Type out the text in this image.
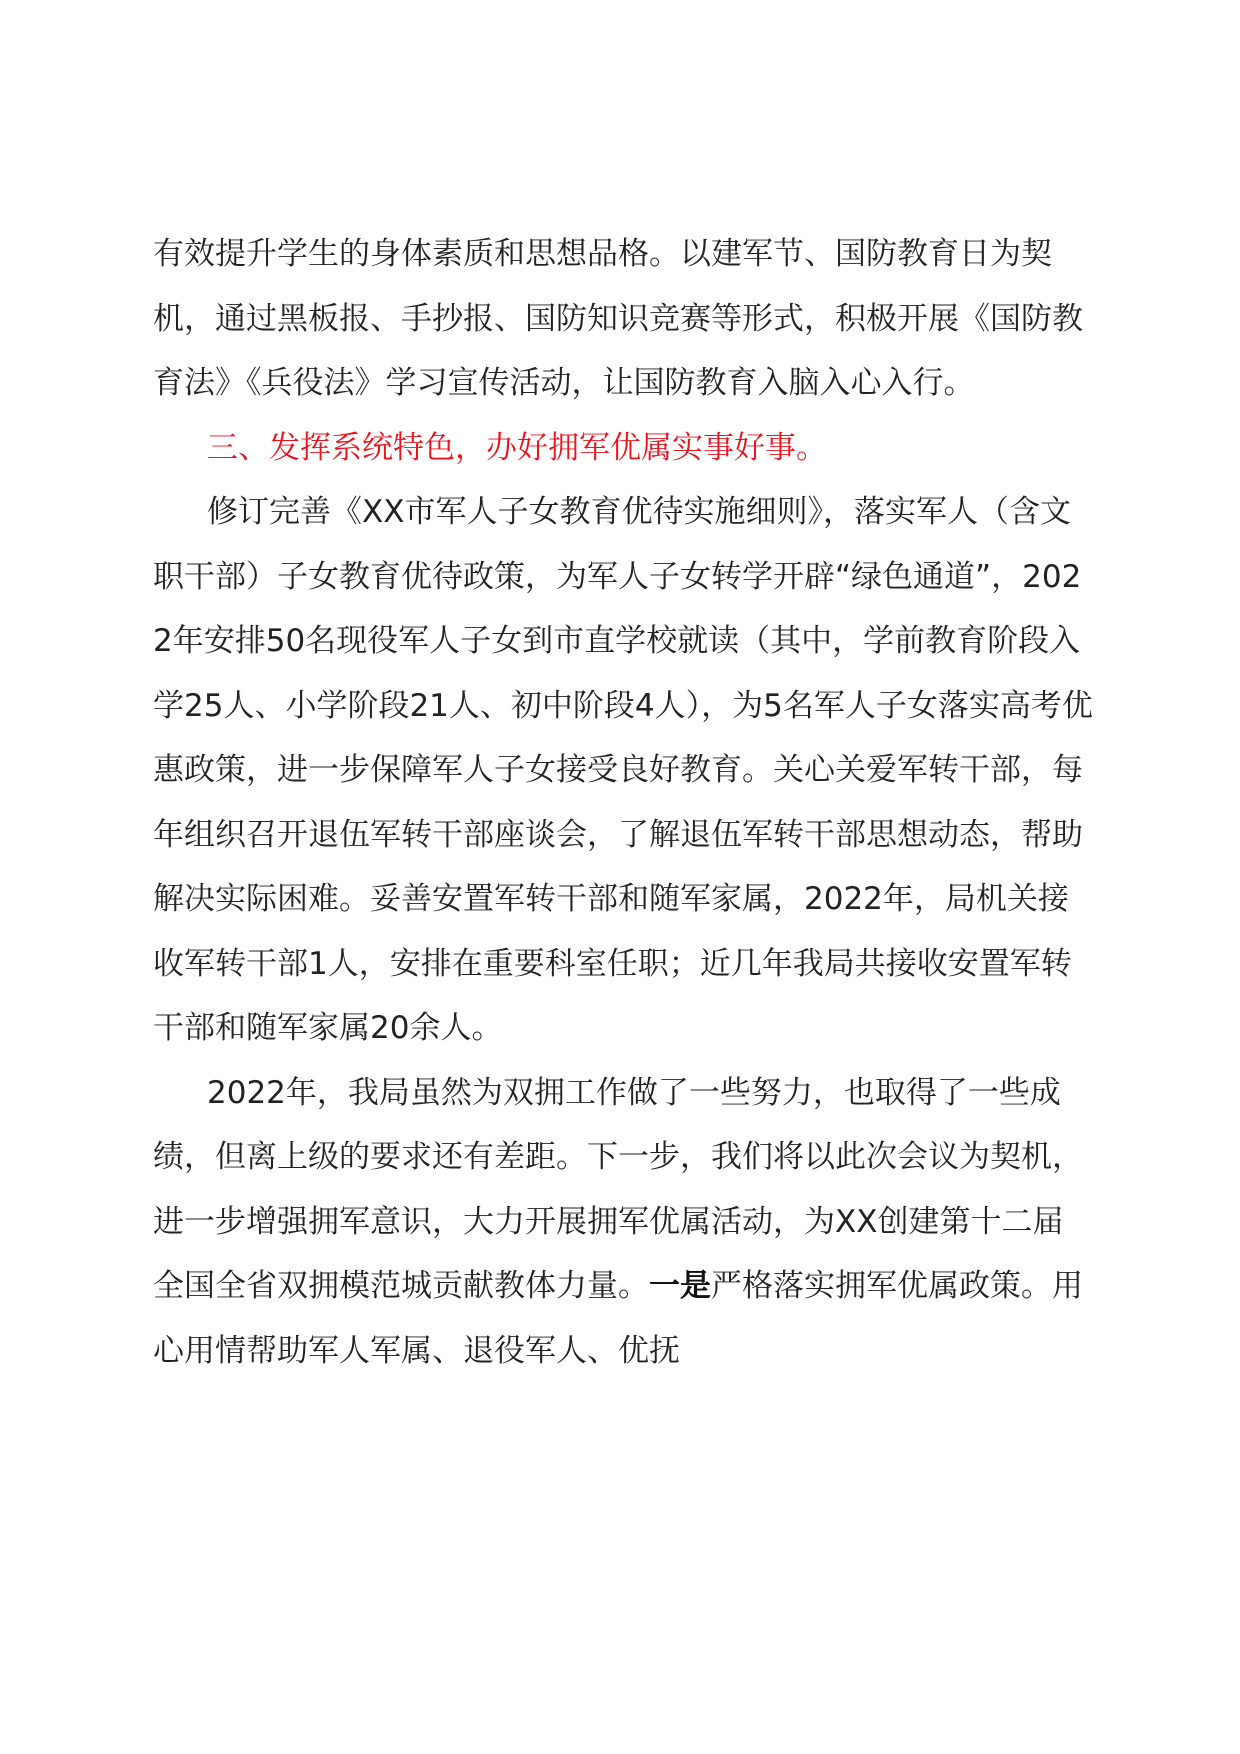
有效提升学生的身体素质和思想品格。以建军节、国防教育日为契机，通过黑板报、手抄报、国防知识竞赛等形式，积极开展《国防教育法》《兵役法》学习宣传活动，让国防教育入脑入心入行。

三、发挥系统特色，办好拥军优属实事好事。

修订完善《XX市军人子女教育优待实施细则》，落实军人（含文职干部）子女教育优待政策，为军人子女转学开辟“绿色通道”，2022年安排50名现役军人子女到市直学校就读（其中，学前教育阶段入学25人、小学阶段21人、初中阶段4人），为5名军人子女落实高考优惠政策，进一步保障军人子女接受良好教育。关心关爱军转干部，每年组织召开退伍军转干部座谈会，了解退伍军转干部思想动态，帮助解决实际困难。妥善安置军转干部和随军家属，2022年，局机关接收军转干部1人，安排在重要科室任职；近几年我局共接收安置军转干部和随军家属20余人。

2022年，我局虽然为双拥工作做了一些努力，也取得了一些成绩，但离上级的要求还有差距。下一步，我们将以此次会议为契机，进一步增强拥军意识，大力开展拥军优属活动，为XX创建第十二届全国全省双拥模范城贡献教体力量。一是严格落实拥军优属政策。用心用情帮助军人军属、退役军人、优抚
